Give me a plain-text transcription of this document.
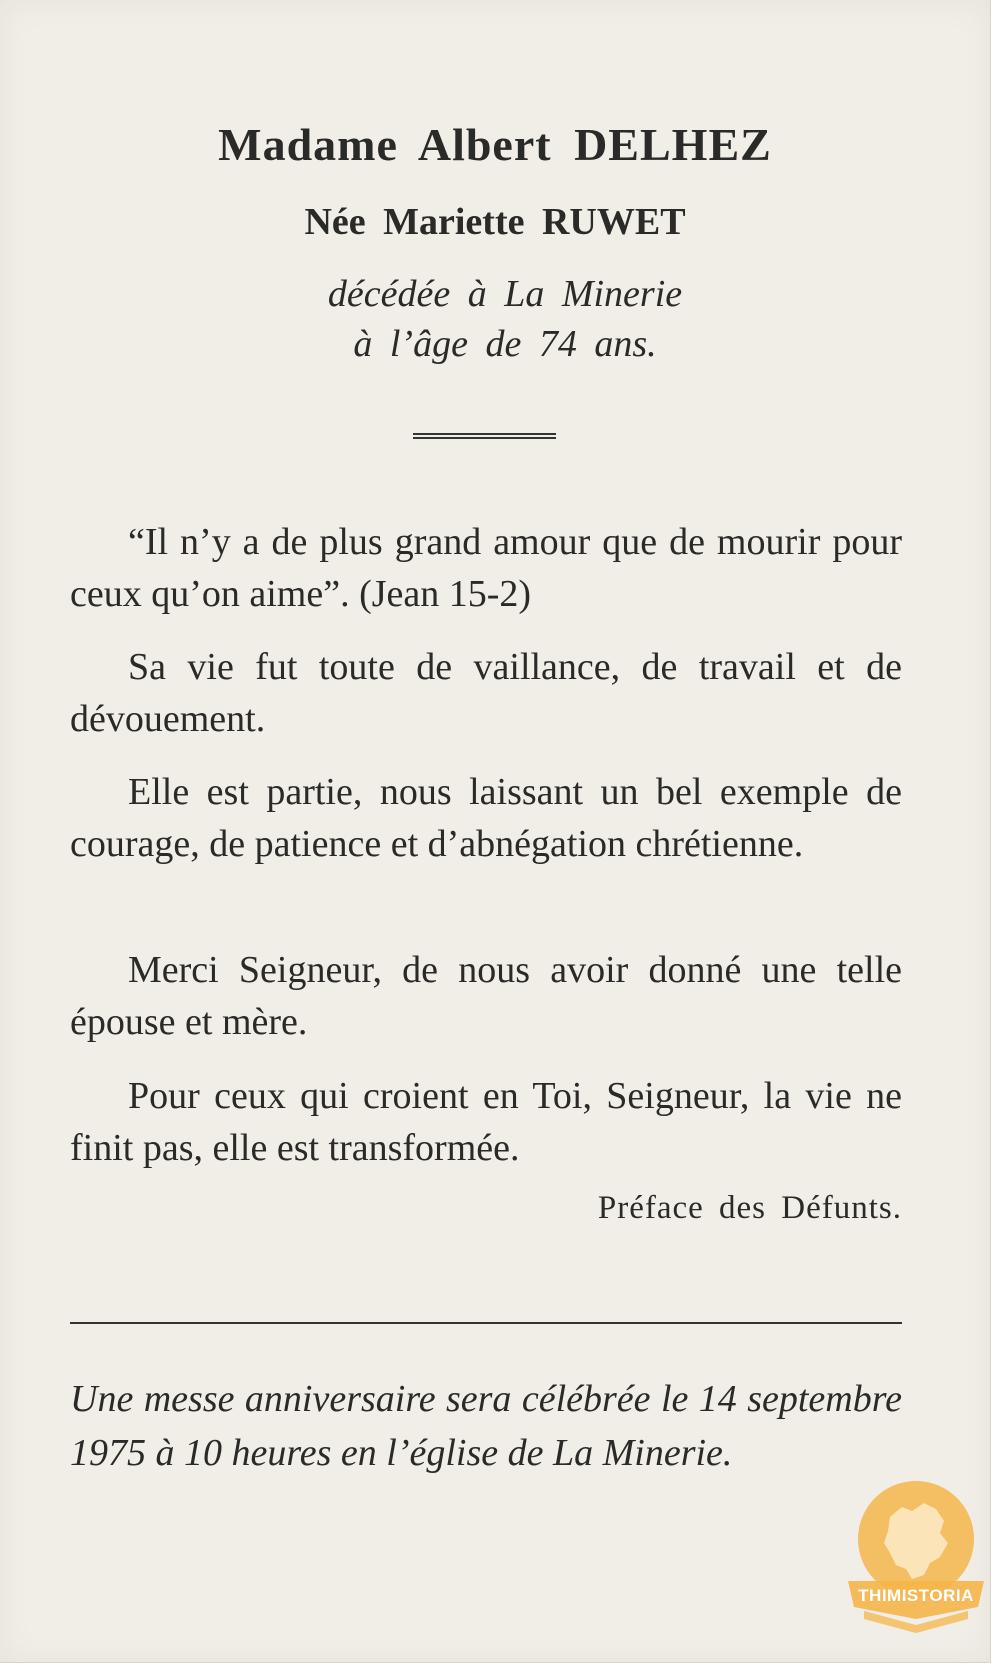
Madame Albert DELHEZ
Née Mariette RUWET
décédée à La Minerie
à l’âge de 74 ans.

“Il n’y a de plus grand amour que de mourir pour ceux qu’on aime”. (Jean 15-2)

Sa vie fut toute de vaillance, de travail et de dévouement.

Elle est partie, nous laissant un bel exemple de courage, de patience et d’abnégation chrétienne.

Merci Seigneur, de nous avoir donné une telle épouse et mère.

Pour ceux qui croient en Toi, Seigneur, la vie ne finit pas, elle est transformée.

Préface des Défunts.

Une messe anniversaire sera célébrée le 14 septembre 1975 à 10 heures en l’église de La Minerie.

THIMISTORIA
